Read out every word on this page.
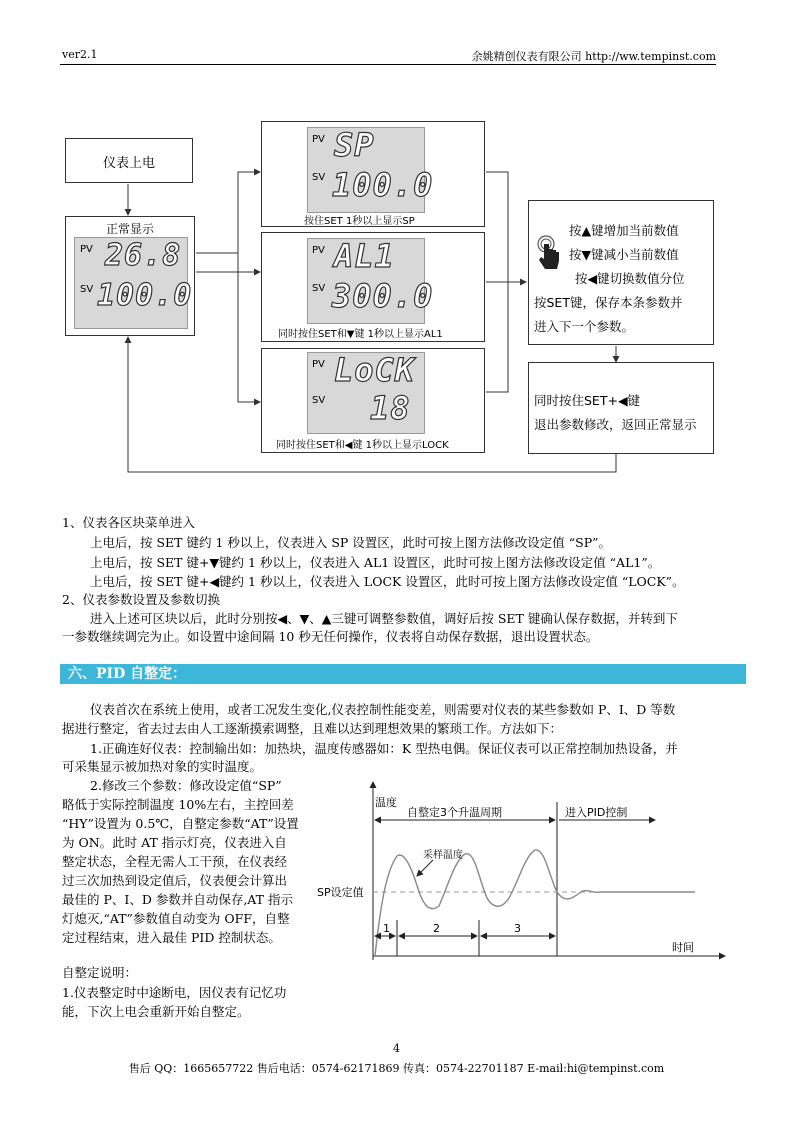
ver2.1	余姚精创仪表有限公司 http://ww.tempinst.com
仪表上电
正常显示
PV 26.8
SV 100.0
PV SP
SV 100.0
按住SET 1秒以上显示SP
PV AL1
SV 300.0
同时按住SET和▼键 1秒以上显示AL1
PV LoCK
SV 18
同时按住SET和◀键 1秒以上显示LOCK
按▲键增加当前数值
按▼键减小当前数值
按◀键切换数值分位
按SET键，保存本条参数并
进入下一个参数。
同时按住SET+◀键
退出参数修改，返回正常显示
1、仪表各区块菜单进入
上电后，按 SET 键约 1 秒以上，仪表进入 SP 设置区，此时可按上图方法修改设定值 “SP”。
上电后，按 SET 键+▼键约 1 秒以上，仪表进入 AL1 设置区，此时可按上图方法修改设定值 “AL1”。
上电后，按 SET 键+◀键约 1 秒以上，仪表进入 LOCK 设置区，此时可按上图方法修改设定值 “LOCK”。
2、仪表参数设置及参数切换
进入上述可区块以后，此时分别按◀、▼、▲三键可调整参数值，调好后按 SET 键确认保存数据，并转到下
一参数继续调完为止。如设置中途间隔 10 秒无任何操作，仪表将自动保存数据，退出设置状态。
六、PID 自整定：
仪表首次在系统上使用，或者工况发生变化,仪表控制性能变差，则需要对仪表的某些参数如 P、I、D 等数
据进行整定，省去过去由人工逐渐摸索调整，且难以达到理想效果的繁琐工作。方法如下：
1.正确连好仪表：控制输出如：加热块，温度传感器如：K 型热电偶。保证仪表可以正常控制加热设备，并
可采集显示被加热对象的实时温度。
2.修改三个参数：修改设定值“SP”
略低于实际控制温度 10%左右，主控回差
“HY”设置为 0.5℃，自整定参数“AT”设置
为 ON。此时 AT 指示灯亮，仪表进入自
整定状态，全程无需人工干预，在仪表经
过三次加热到设定值后，仪表便会计算出
最佳的 P、I、D 参数并自动保存,AT 指示
灯熄灭,“AT”参数值自动变为 OFF，自整
定过程结束，进入最佳 PID 控制状态。
自整定说明：
1.仪表整定时中途断电，因仪表有记忆功
能，下次上电会重新开始自整定。
温度
时间
自整定3个升温周期	进入PID控制
SP设定值
采样温度
1	2	3
4
售后 QQ：1665657722 售后电话：0574-62171869 传真：0574-22701187 E-mail:hi@tempinst.com
